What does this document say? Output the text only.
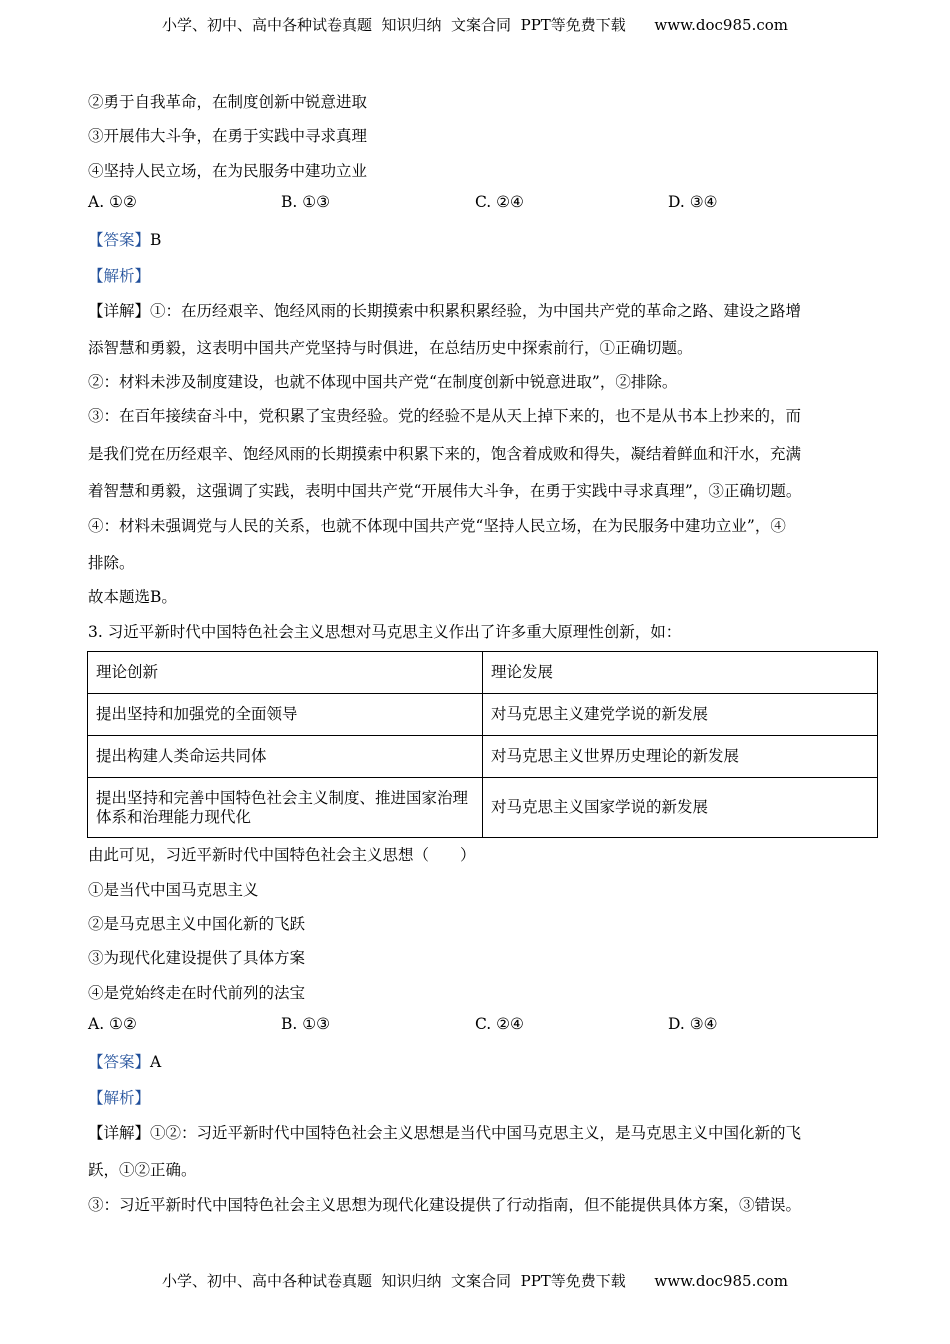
小学、初中、高中各种试卷真题  知识归纳  文案合同  PPT等免费下载      www.doc985.com
②勇于自我革命，在制度创新中锐意进取
③开展伟大斗争，在勇于实践中寻求真理
④坚持人民立场，在为民服务中建功立业
A. ①②	B. ①③	C. ②④	D. ③④
【答案】B
【解析】
【详解】①：在历经艰辛、饱经风雨的长期摸索中积累积累经验，为中国共产党的革命之路、建设之路增
添智慧和勇毅，这表明中国共产党坚持与时俱进，在总结历史中探索前行，①正确切题。
②：材料未涉及制度建设，也就不体现中国共产党“在制度创新中锐意进取”，②排除。
③：在百年接续奋斗中，党积累了宝贵经验。党的经验不是从天上掉下来的，也不是从书本上抄来的，而
是我们党在历经艰辛、饱经风雨的长期摸索中积累下来的，饱含着成败和得失，凝结着鲜血和汗水，充满
着智慧和勇毅，这强调了实践，表明中国共产党“开展伟大斗争，在勇于实践中寻求真理”，③正确切题。
④：材料未强调党与人民的关系，也就不体现中国共产党“坚持人民立场，在为民服务中建功立业”，④
排除。
故本题选B。
3. 习近平新时代中国特色社会主义思想对马克思主义作出了许多重大原理性创新，如：
理论创新	理论发展
提出坚持和加强党的全面领导	对马克思主义建党学说的新发展
提出构建人类命运共同体	对马克思主义世界历史理论的新发展
提出坚持和完善中国特色社会主义制度、推进国家治理体系和治理能力现代化	对马克思主义国家学说的新发展
由此可见，习近平新时代中国特色社会主义思想（　　）
①是当代中国马克思主义
②是马克思主义中国化新的飞跃
③为现代化建设提供了具体方案
④是党始终走在时代前列的法宝
A. ①②	B. ①③	C. ②④	D. ③④
【答案】A
【解析】
【详解】①②：习近平新时代中国特色社会主义思想是当代中国马克思主义，是马克思主义中国化新的飞
跃，①②正确。
③：习近平新时代中国特色社会主义思想为现代化建设提供了行动指南，但不能提供具体方案，③错误。
小学、初中、高中各种试卷真题  知识归纳  文案合同  PPT等免费下载      www.doc985.com
